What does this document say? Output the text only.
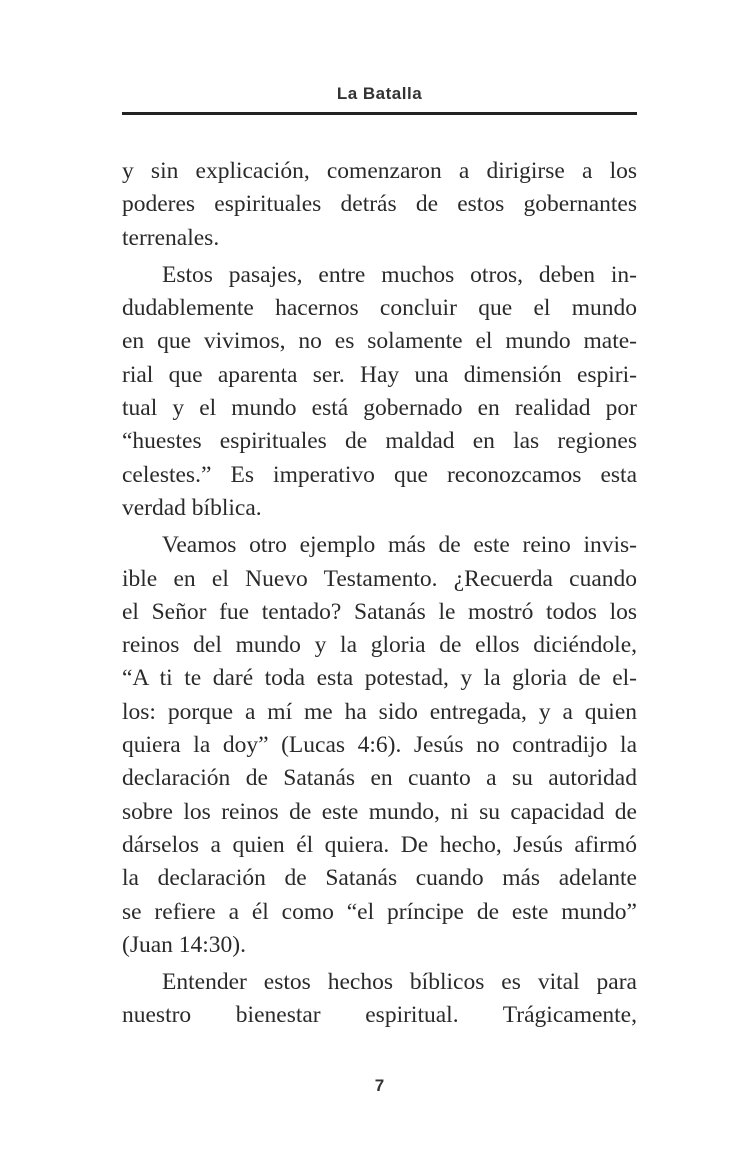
La Batalla
y sin explicación, comenzaron a dirigirse a los
poderes espirituales detrás de estos gobernantes
terrenales.
Estos pasajes, entre muchos otros, deben in-
dudablemente hacernos concluir que el mundo
en que vivimos, no es solamente el mundo mate-
rial que aparenta ser. Hay una dimensión espiri-
tual y el mundo está gobernado en realidad por
“huestes espirituales de maldad en las regiones
celestes.” Es imperativo que reconozcamos esta
verdad bíblica.
Veamos otro ejemplo más de este reino invis-
ible en el Nuevo Testamento. ¿Recuerda cuando
el Señor fue tentado? Satanás le mostró todos los
reinos del mundo y la gloria de ellos diciéndole,
“A ti te daré toda esta potestad, y la gloria de el-
los: porque a mí me ha sido entregada, y a quien
quiera la doy” (Lucas 4:6). Jesús no contradijo la
declaración de Satanás en cuanto a su autoridad
sobre los reinos de este mundo, ni su capacidad de
dárselos a quien él quiera. De hecho, Jesús afirmó
la declaración de Satanás cuando más adelante
se refiere a él como “el príncipe de este mundo”
(Juan 14:30).
Entender estos hechos bíblicos es vital para
nuestro bienestar espiritual. Trágicamente,
7
